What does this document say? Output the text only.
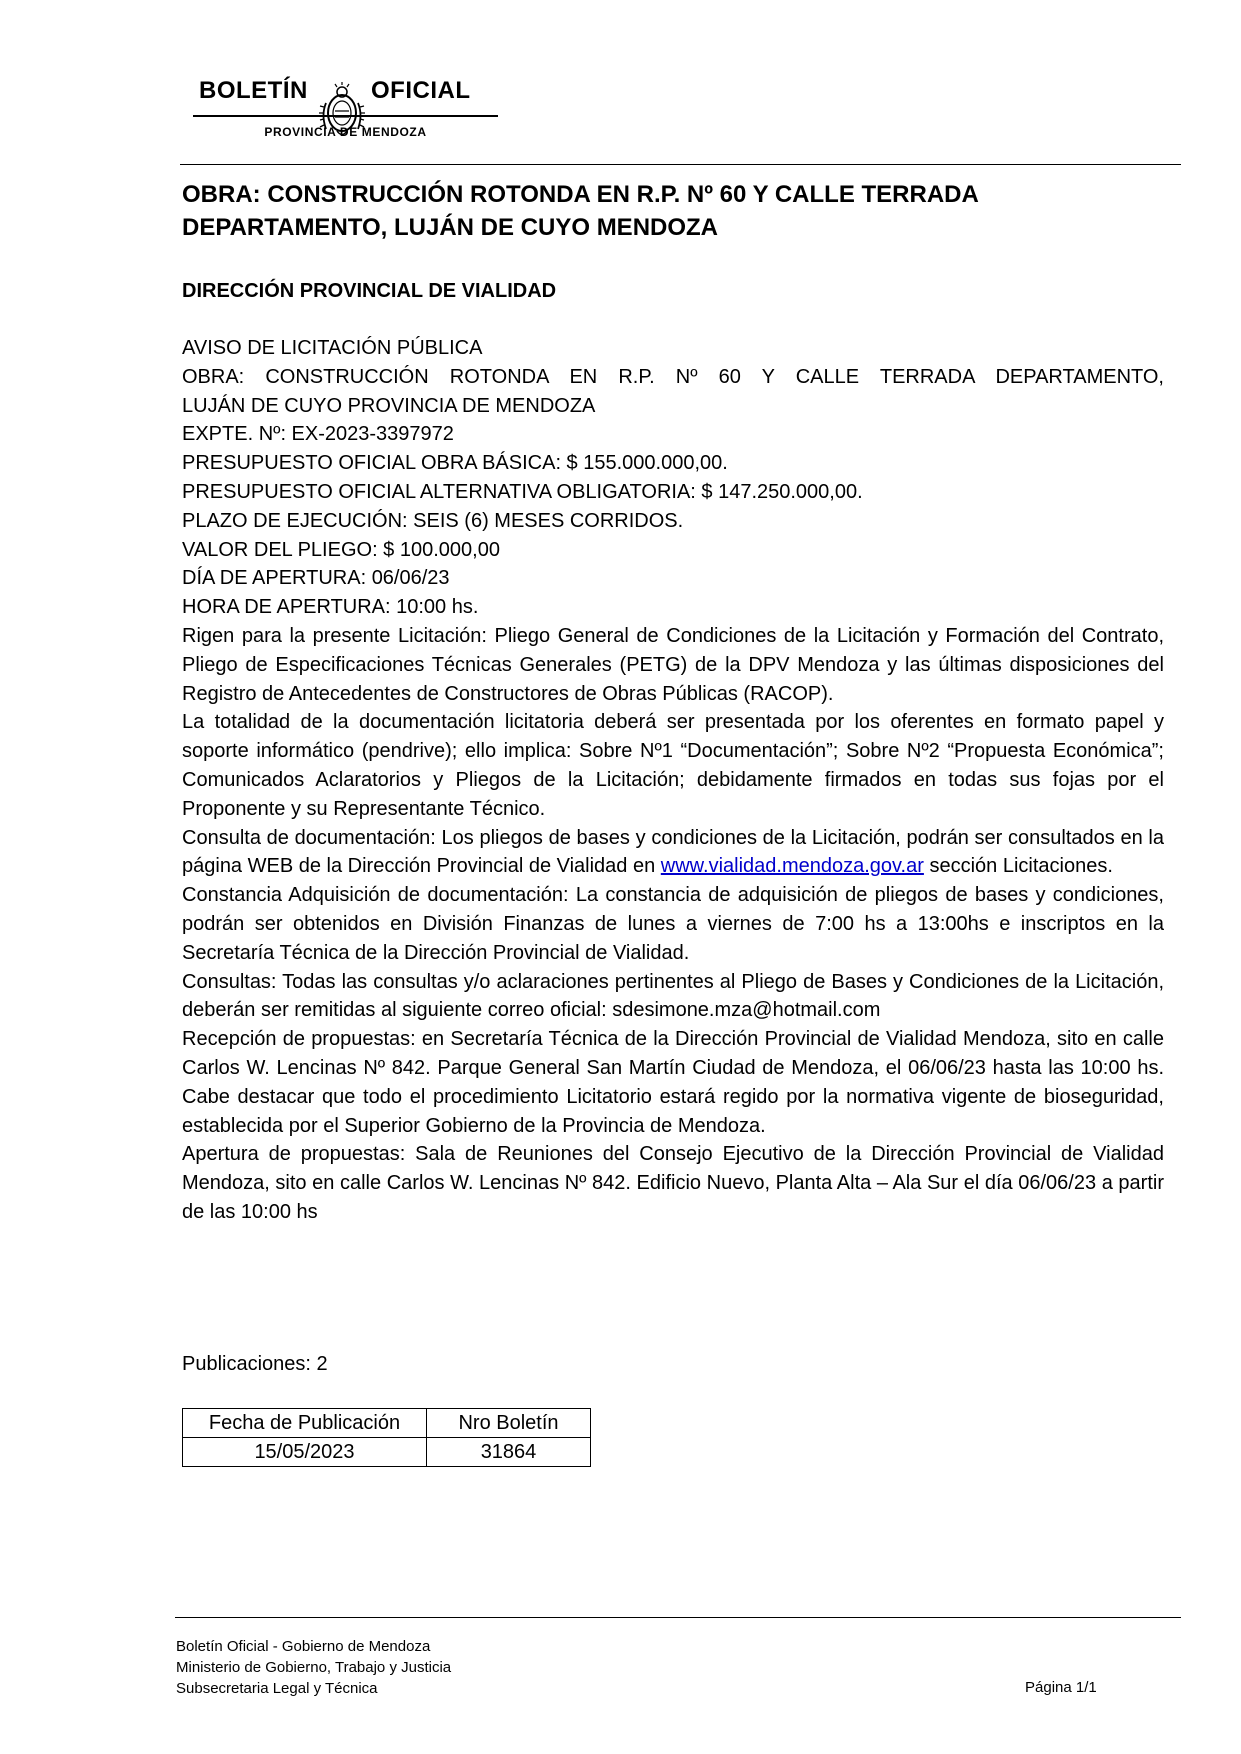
BOLETÍN	OFICIAL
PROVINCIA DE MENDOZA
OBRA: CONSTRUCCIÓN ROTONDA EN R.P. Nº 60 Y CALLE TERRADA
DEPARTAMENTO, LUJÁN DE CUYO MENDOZA
DIRECCIÓN PROVINCIAL DE VIALIDAD

AVISO DE LICITACIÓN PÚBLICA

OBRA: CONSTRUCCIÓN ROTONDA EN R.P. Nº 60 Y CALLE TERRADA DEPARTAMENTO,

LUJÁN DE CUYO PROVINCIA DE MENDOZA

EXPTE. Nº: EX-2023-3397972

PRESUPUESTO OFICIAL OBRA BÁSICA: $ 155.000.000,00.

PRESUPUESTO OFICIAL ALTERNATIVA OBLIGATORIA: $ 147.250.000,00.

PLAZO DE EJECUCIÓN: SEIS (6) MESES CORRIDOS.

VALOR DEL PLIEGO: $ 100.000,00

DÍA DE APERTURA: 06/06/23

HORA DE APERTURA: 10:00 hs.

Rigen para la presente Licitación: Pliego General de Condiciones de la Licitación y Formación del Contrato, Pliego de Especificaciones Técnicas Generales (PETG) de la DPV Mendoza y las últimas disposiciones del Registro de Antecedentes de Constructores de Obras Públicas (RACOP).

La totalidad de la documentación licitatoria deberá ser presentada por los oferentes en formato papel y soporte informático (pendrive); ello implica: Sobre Nº1 “Documentación”; Sobre Nº2 “Propuesta Económica”; Comunicados Aclaratorios y Pliegos de la Licitación; debidamente firmados en todas sus fojas por el Proponente y su Representante Técnico.

Consulta de documentación: Los pliegos de bases y condiciones de la Licitación, podrán ser consultados en la página WEB de la Dirección Provincial de Vialidad en www.vialidad.mendoza.gov.ar sección Licitaciones.

Constancia Adquisición de documentación: La constancia de adquisición de pliegos de bases y condiciones, podrán ser obtenidos en División Finanzas de lunes a viernes de 7:00 hs a 13:00hs e inscriptos en la Secretaría Técnica de la Dirección Provincial de Vialidad.

Consultas: Todas las consultas y/o aclaraciones pertinentes al Pliego de Bases y Condiciones de la Licitación, deberán ser remitidas al siguiente correo oficial: sdesimone.mza@hotmail.com

Recepción de propuestas: en Secretaría Técnica de la Dirección Provincial de Vialidad Mendoza, sito en calle Carlos W. Lencinas Nº 842. Parque General San Martín Ciudad de Mendoza, el 06/06/23 hasta las 10:00 hs. Cabe destacar que todo el procedimiento Licitatorio estará regido por la normativa vigente de bioseguridad, establecida por el Superior Gobierno de la Provincia de Mendoza.

Apertura de propuestas: Sala de Reuniones del Consejo Ejecutivo de la Dirección Provincial de Vialidad Mendoza, sito en calle Carlos W. Lencinas Nº 842. Edificio Nuevo, Planta Alta – Ala Sur el día 06/06/23 a partir de las 10:00 hs

Publicaciones: 2
Fecha de Publicación	Nro Boletín
15/05/2023	31864
Boletín Oficial - Gobierno de Mendoza
Ministerio de Gobierno, Trabajo y Justicia
Subsecretaria Legal y Técnica	Página 1/1
